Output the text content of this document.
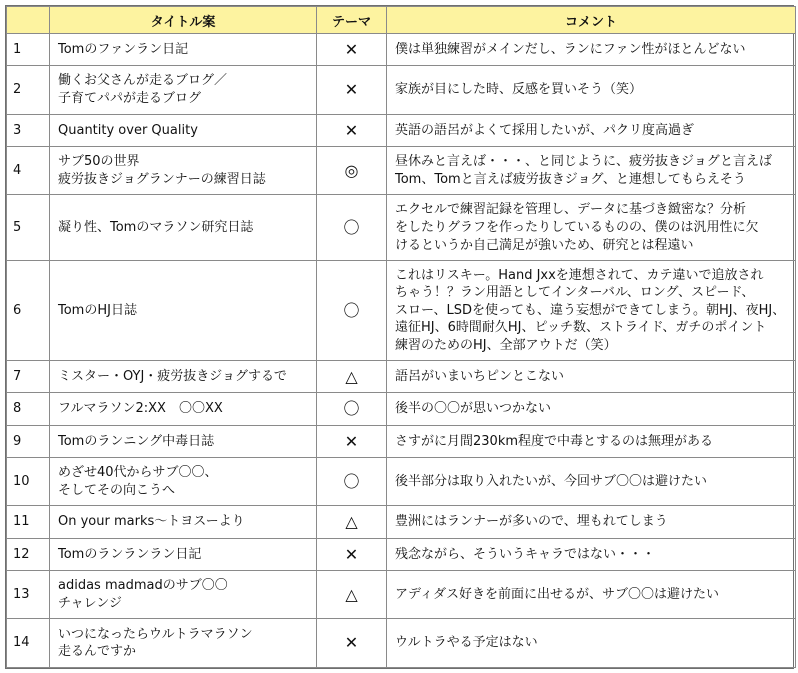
	タイトル案	テーマ	コメント
1	Tomのファンラン日記	✕	僕は単独練習がメインだし、ランにファン性がほとんどない
2	働くお父さんが走るブログ／
子育てパパが走るブログ	✕	家族が目にした時、反感を買いそう（笑）
3	Quantity over Quality	✕	英語の語呂がよくて採用したいが、パクリ度高過ぎ
4	サブ50の世界
疲労抜きジョグランナーの練習日誌	◎	昼休みと言えば・・・、と同じように、疲労抜きジョグと言えば
Tom、Tomと言えば疲労抜きジョグ、と連想してもらえそう
5	凝り性、Tomのマラソン研究日誌	〇	エクセルで練習記録を管理し、データに基づき緻密な？分析
をしたりグラフを作ったりしているものの、僕のは汎用性に欠
けるというか自己満足が強いため、研究とは程遠い
6	TomのHJ日誌	〇	これはリスキー。Hand Jxxを連想されて、カテ違いで追放され
ちゃう！？ラン用語としてインターバル、ロング、スピード、
スロー、LSDを使っても、違う妄想ができてしまう。朝HJ、夜HJ、
遠征HJ、6時間耐久HJ、ピッチ数、ストライド、ガチのポイント
練習のためのHJ、全部アウトだ（笑）
7	ミスター・OYJ・疲労抜きジョグするで	△	語呂がいまいちピンとこない
8	フルマラソン2:XX　〇〇XX	〇	後半の〇〇が思いつかない
9	Tomのランニング中毒日誌	✕	さすがに月間230km程度で中毒とするのは無理がある
10	めざせ40代からサブ〇〇、
そしてその向こうへ	〇	後半部分は取り入れたいが、今回サブ〇〇は避けたい
11	On your marks〜トヨスーより	△	豊洲にはランナーが多いので、埋もれてしまう
12	Tomのランランラン日記	✕	残念ながら、そういうキャラではない・・・
13	adidas madmadのサブ〇〇
チャレンジ	△	アディダス好きを前面に出せるが、サブ〇〇は避けたい
14	いつになったらウルトラマラソン
走るんですか	✕	ウルトラやる予定はない
